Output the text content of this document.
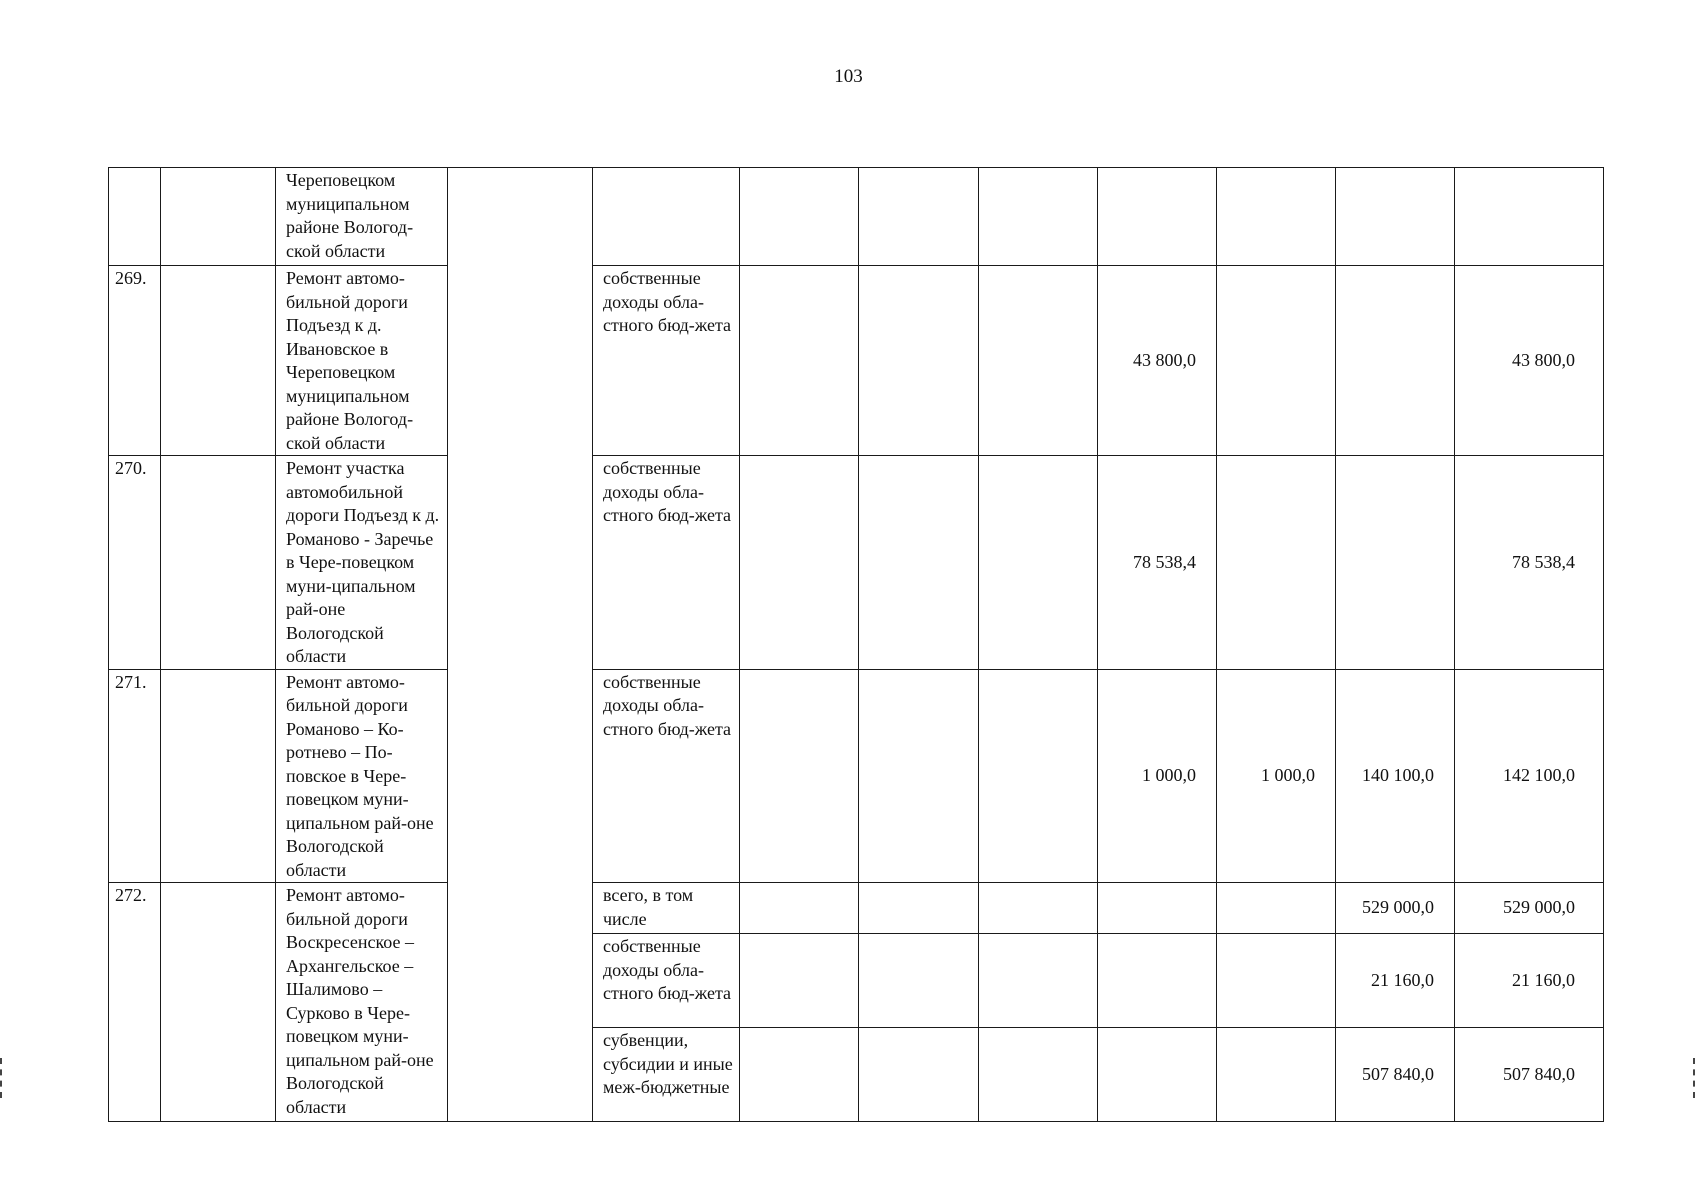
103
		Череповецком муниципальном районе Вологод-ской области									
269.		Ремонт автомо-бильной дороги Подъезд к д. Ивановское в Череповецком муниципальном районе Вологод-ской области		собственные доходы обла-стного бюд-жета				43 800,0			43 800,0
270.		Ремонт участка автомобильной дороги Подъезд к д. Романово - Заречье в Чере-повецком муни-ципальном рай-оне Вологодской области		собственные доходы обла-стного бюд-жета				78 538,4			78 538,4
271.		Ремонт автомо-бильной дороги Романово – Ко-ротнево – По-повское в Чере-повецком муни-ципальном рай-оне Вологодской области		собственные доходы обла-стного бюд-жета				1 000,0	1 000,0	140 100,0	142 100,0
272.		Ремонт автомо-бильной дороги Воскресенское – Архангельское – Шалимово – Сурково в Чере-повецком муни-ципальном рай-оне Вологодской области		всего, в том числе						529 000,0	529 000,0
				собственные доходы обла-стного бюд-жета						21 160,0	21 160,0
				субвенции, субсидии и иные меж-бюджетные						507 840,0	507 840,0
